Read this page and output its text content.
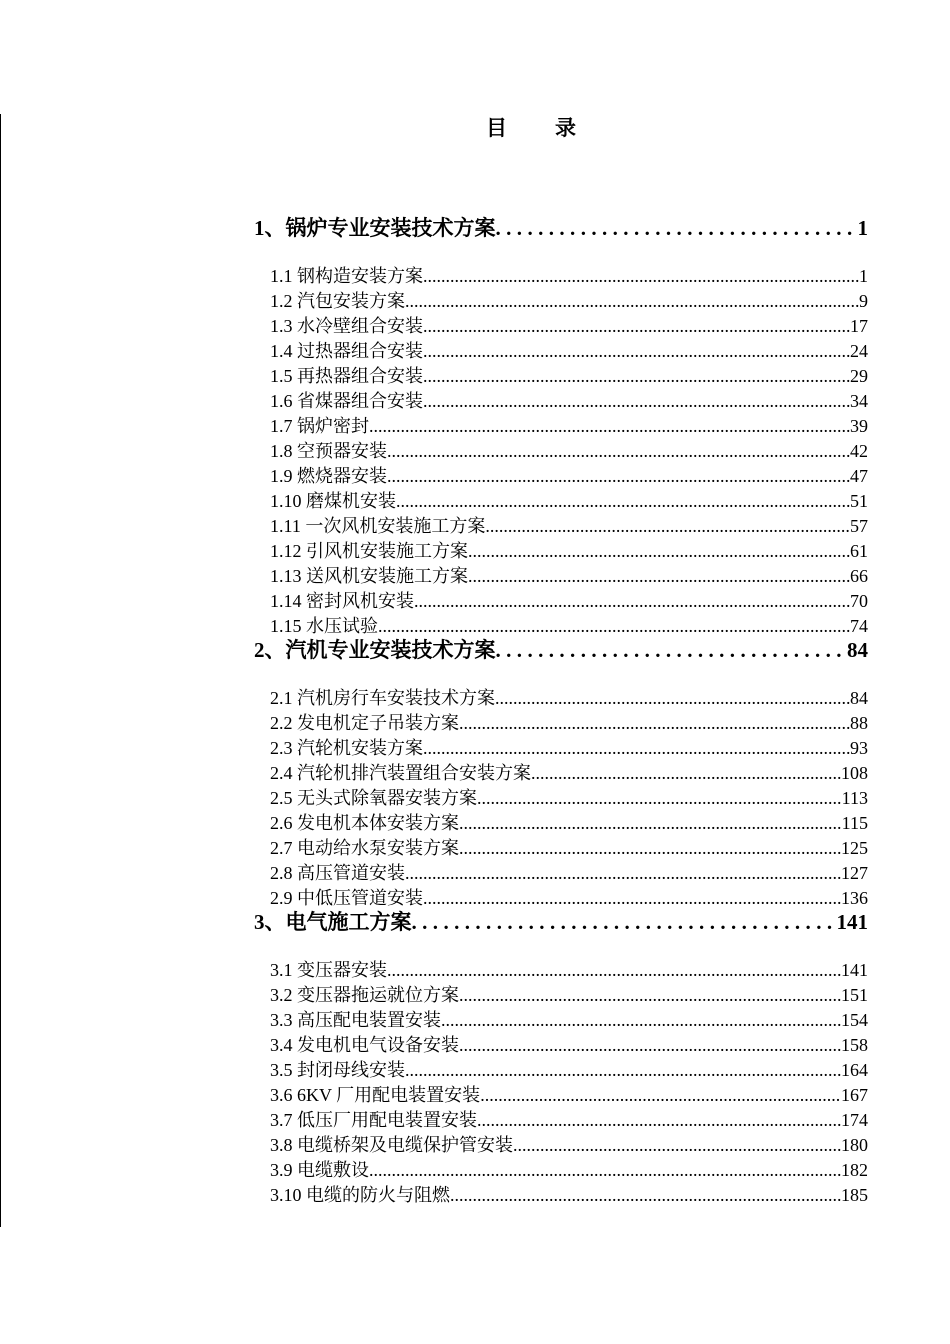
目录
1、锅炉专业安装技术方案 .....	1
1.1 钢构造安装方案 .....	1
1.2 汽包安装方案 .....	9
1.3 水冷壁组合安装 .....	17
1.4 过热器组合安装 .....	24
1.5 再热器组合安装 .....	29
1.6 省煤器组合安装 .....	34
1.7 锅炉密封 .....	39
1.8 空预器安装 .....	42
1.9 燃烧器安装 .....	47
1.10 磨煤机安装 .....	51
1.11 一次风机安装施工方案 .....	57
1.12 引风机安装施工方案 .....	61
1.13 送风机安装施工方案 .....	66
1.14 密封风机安装 .....	70
1.15 水压试验 .....	74
2、汽机专业安装技术方案 .....	84
2.1 汽机房行车安装技术方案 .....	84
2.2 发电机定子吊装方案 .....	88
2.3 汽轮机安装方案 .....	93
2.4 汽轮机排汽装置组合安装方案 .....	108
2.5 无头式除氧器安装方案 .....	113
2.6 发电机本体安装方案 .....	115
2.7 电动给水泵安装方案 .....	125
2.8 高压管道安装 .....	127
2.9 中低压管道安装 .....	136
3、电气施工方案 .....	141
3.1 变压器安装 .....	141
3.2 变压器拖运就位方案 .....	151
3.3 高压配电装置安装 .....	154
3.4 发电机电气设备安装 .....	158
3.5 封闭母线安装 .....	164
3.6 6KV 厂用配电装置安装 .....	167
3.7 低压厂用配电装置安装 .....	174
3.8 电缆桥架及电缆保护管安装 .....	180
3.9 电缆敷设 .....	182
3.10 电缆的防火与阻燃 .....	185
